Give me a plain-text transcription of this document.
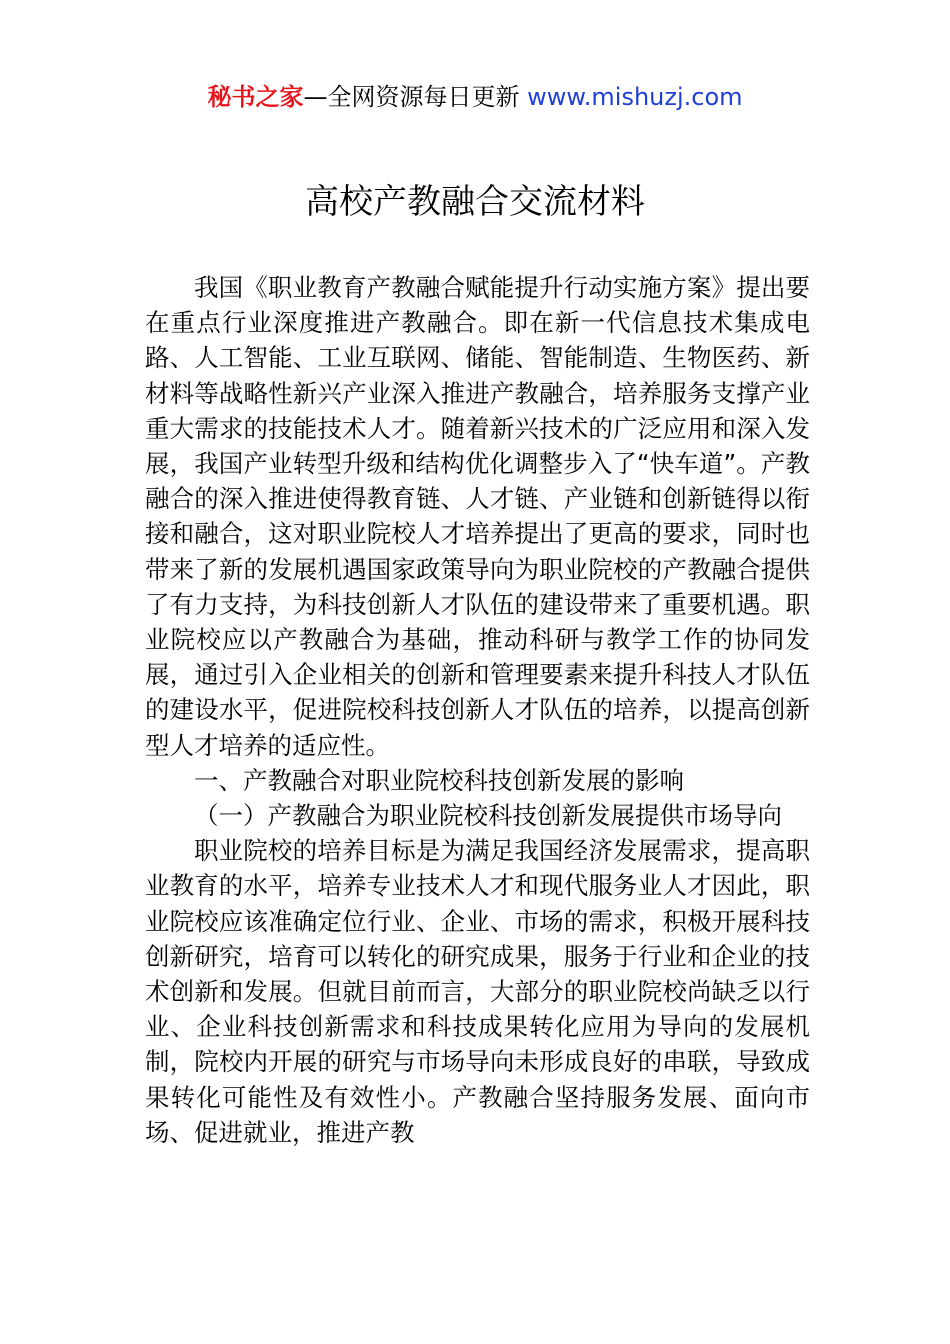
秘书之家—全网资源每日更新 www.mishuzj.com
高校产教融合交流材料

我国《职业教育产教融合赋能提升行动实施方案》提出要在重点行业深度推进产教融合。即在新一代信息技术集成电路、人工智能、工业互联网、储能、智能制造、生物医药、新材料等战略性新兴产业深入推进产教融合，培养服务支撑产业重大需求的技能技术人才。随着新兴技术的广泛应用和深入发展，我国产业转型升级和结构优化调整步入了“快车道”。产教融合的深入推进使得教育链、人才链、产业链和创新链得以衔接和融合，这对职业院校人才培养提出了更高的要求，同时也带来了新的发展机遇国家政策导向为职业院校的产教融合提供了有力支持，为科技创新人才队伍的建设带来了重要机遇。职业院校应以产教融合为基础，推动科研与教学工作的协同发展，通过引入企业相关的创新和管理要素来提升科技人才队伍的建设水平，促进院校科技创新人才队伍的培养，以提高创新型人才培养的适应性。

一、产教融合对职业院校科技创新发展的影响

（一）产教融合为职业院校科技创新发展提供市场导向

职业院校的培养目标是为满足我国经济发展需求，提高职业教育的水平，培养专业技术人才和现代服务业人才因此，职业院校应该准确定位行业、企业、市场的需求，积极开展科技创新研究，培育可以转化的研究成果，服务于行业和企业的技术创新和发展。但就目前而言，大部分的职业院校尚缺乏以行业、企业科技创新需求和科技成果转化应用为导向的发展机制，院校内开展的研究与市场导向未形成良好的串联，导致成果转化可能性及有效性小。产教融合坚持服务发展、面向市场、促进就业，推进产教
